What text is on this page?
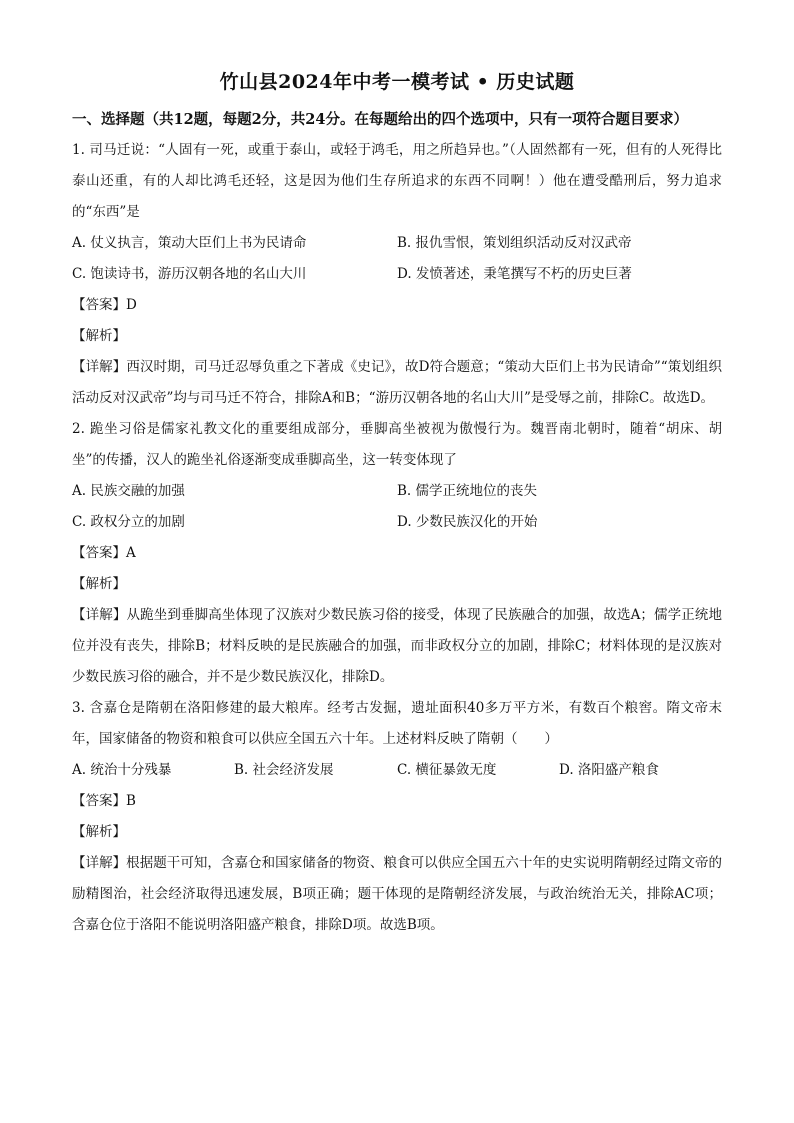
竹山县2024年中考一模考试 • 历史试题
一、选择题（共12题，每题2分，共24分。在每题给出的四个选项中，只有一项符合题目要求）
1. 司马迁说：“人固有一死，或重于泰山，或轻于鸿毛，用之所趋异也。”（人固然都有一死，但有的人死得比泰山还重，有的人却比鸿毛还轻，这是因为他们生存所追求的东西不同啊！）他在遭受酷刑后，努力追求的“东西”是
A. 仗义执言，策动大臣们上书为民请命	B. 报仇雪恨，策划组织活动反对汉武帝
C. 饱读诗书，游历汉朝各地的名山大川	D. 发愤著述，秉笔撰写不朽的历史巨著
【答案】D
【解析】
【详解】西汉时期，司马迁忍辱负重之下著成《史记》，故D符合题意；“策动大臣们上书为民请命”“策划组织活动反对汉武帝”均与司马迁不符合，排除A和B；“游历汉朝各地的名山大川”是受辱之前，排除C。故选D。
2. 跪坐习俗是儒家礼教文化的重要组成部分，垂脚高坐被视为傲慢行为。魏晋南北朝时，随着“胡床、胡坐”的传播，汉人的跪坐礼俗逐渐变成垂脚高坐，这一转变体现了
A. 民族交融的加强	B. 儒学正统地位的丧失
C. 政权分立的加剧	D. 少数民族汉化的开始
【答案】A
【解析】
【详解】从跪坐到垂脚高坐体现了汉族对少数民族习俗的接受，体现了民族融合的加强，故选A；儒学正统地位并没有丧失，排除B；材料反映的是民族融合的加强，而非政权分立的加剧，排除C；材料体现的是汉族对少数民族习俗的融合，并不是少数民族汉化，排除D。
3. 含嘉仓是隋朝在洛阳修建的最大粮库。经考古发掘，遗址面积40多万平方米，有数百个粮窖。隋文帝末年，国家储备的物资和粮食可以供应全国五六十年。上述材料反映了隋朝（　　）
A. 统治十分残暴	B. 社会经济发展	C. 横征暴敛无度	D. 洛阳盛产粮食
【答案】B
【解析】
【详解】根据题干可知，含嘉仓和国家储备的物资、粮食可以供应全国五六十年的史实说明隋朝经过隋文帝的励精图治，社会经济取得迅速发展，B项正确；题干体现的是隋朝经济发展，与政治统治无关，排除AC项；含嘉仓位于洛阳不能说明洛阳盛产粮食，排除D项。故选B项。
